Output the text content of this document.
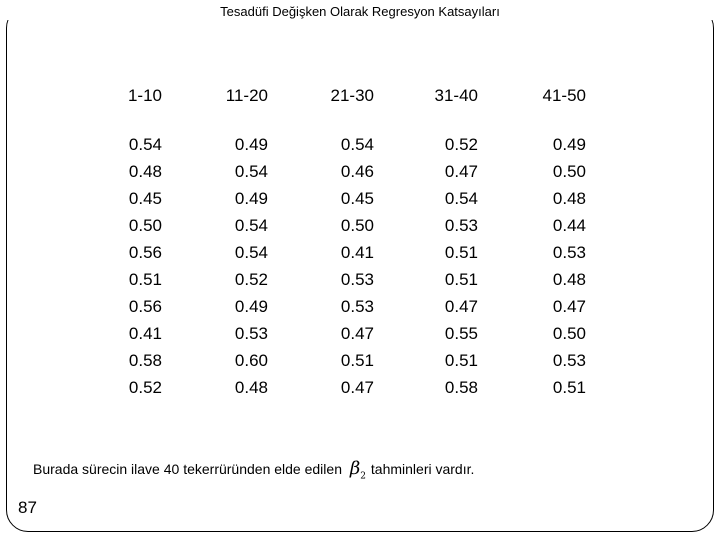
Tesadüfi Değişken Olarak Regresyon Katsayıları
1-10	11-20	21-30	31-40	41-50
0.54	0.49	0.54	0.52	0.49
0.48	0.54	0.46	0.47	0.50
0.45	0.49	0.45	0.54	0.48
0.50	0.54	0.50	0.53	0.44
0.56	0.54	0.41	0.51	0.53
0.51	0.52	0.53	0.51	0.48
0.56	0.49	0.53	0.47	0.47
0.41	0.53	0.47	0.55	0.50
0.58	0.60	0.51	0.51	0.53
0.52	0.48	0.47	0.58	0.51
Burada sürecin ilave 40 tekerrüründen elde edilen $\beta_2$ tahminleri vardır.
87
